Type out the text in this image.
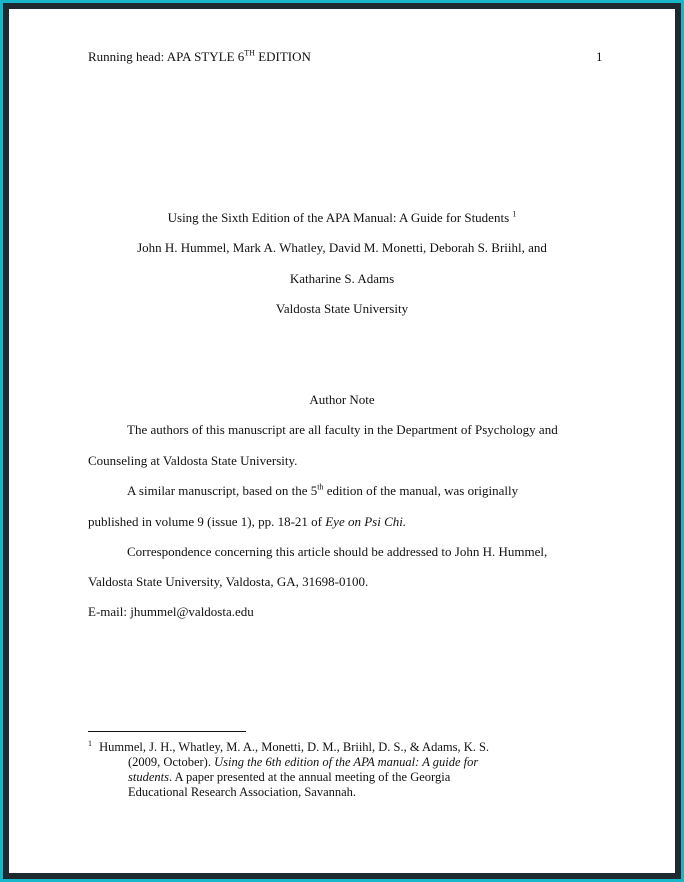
Running head: APA STYLE 6TH EDITION	1
Using the Sixth Edition of the APA Manual: A Guide for Students $^1$
John H. Hummel, Mark A. Whatley, David M. Monetti, Deborah S. Briihl, and
Katharine S. Adams
Valdosta State University
Author Note
The authors of this manuscript are all faculty in the Department of Psychology and
Counseling at Valdosta State University.
A similar manuscript, based on the 5th edition of the manual, was originally
published in volume 9 (issue 1), pp. 18-21 of Eye on Psi Chi.
Correspondence concerning this article should be addressed to John H. Hummel,
Valdosta State University, Valdosta, GA, 31698-0100.
E-mail: jhummel@valdosta.edu
$^1$ Hummel, J. H., Whatley, M. A., Monetti, D. M., Briihl, D. S., & Adams, K. S.
(2009, October). Using the 6th edition of the APA manual: A guide for
students. A paper presented at the annual meeting of the Georgia
Educational Research Association, Savannah.
